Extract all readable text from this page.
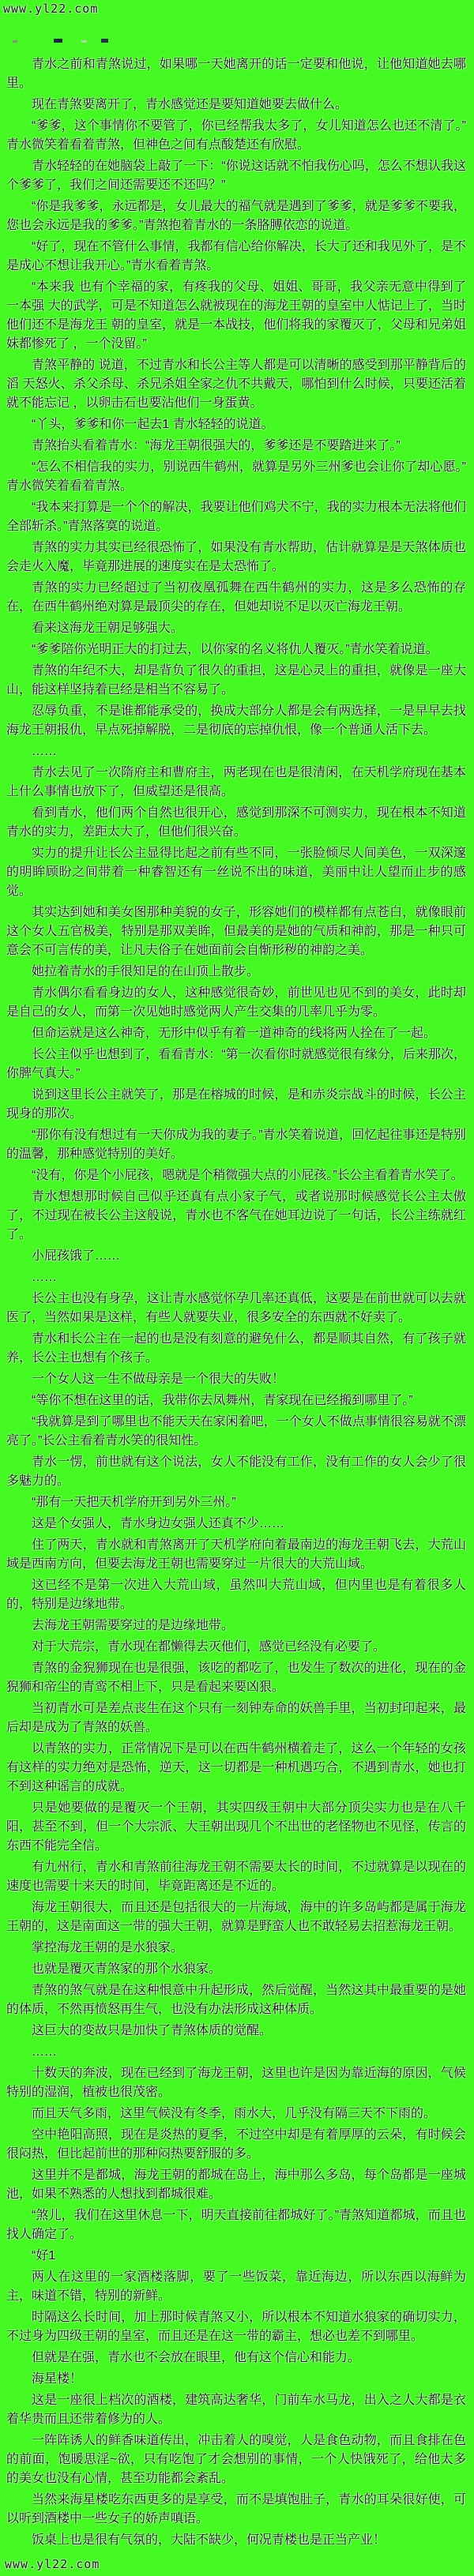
www.yl22.com

青水之前和青煞说过，如果哪一天她离开的话一定要和他说，让他知道她去哪里。

现在青煞要离开了，青水感觉还是要知道她要去做什么。

“爹爹，这个事情你不要管了，你已经帮我太多了，女儿知道怎么也还不清了。”青水微笑着看着青煞，但神色之间有点酸楚还有欣慰。

青水轻轻的在她脑袋上敲了一下：“你说这话就不怕我伤心吗，怎么不想认我这个爹爹了，我们之间还需要还不还吗？”

“你是我爹爹，永远都是，女儿最大的福气就是遇到了爹爹，就是爹爹不要我，您也会永远是我的爹爹。”青煞抱着青水的一条胳膊依恋的说道。

“好了，现在不管什么事情，我都有信心给你解决，长大了还和我见外了，是不是成心不想让我开心。”青水看着青煞。

“本来我 也有个幸福的家，有疼我的父母、姐姐、哥哥，我父亲无意中得到了一本强 大的武学，可是不知道怎么就被现在的海龙王朝的皇室中人惦记上了，当时他们还不是海龙王 朝的皇室，就是一本战技，他们将我的家覆灭了，父母和兄弟姐妹都惨死了 ，一个没留。”

青煞平静的 说道，不过青水和长公主等人都是可以清晰的感受到那平静背后的滔 天怒火、杀父杀母、杀兄杀姐全家之仇不共戴天，哪怕到什么时候，只要还活着就不能忘记 ，以卵击石也要沾他们一身蛋黄。

“丫头，爹爹和你一起去1 青水轻轻的说道。

青煞抬头看着青水：“海龙王朝很强大的，爹爹还是不要踏进来了。”

“怎么不相信我的实力，别说西牛鹤州，就算是另外三州爹也会让你了却心愿。”青水微笑着看着青煞。

“我本来打算是一个个的解决，我要让他们鸡犬不宁，我的实力根本无法将他们全部斩杀。”青煞落寞的说道。

青煞的实力其实已经很恐怖了，如果没有青水帮助，估计就算是是天煞体质也会走火入魔，毕竟那进展的速度实在是太恐怖了。

青煞的实力已经超过了当初夜凰孤舞在西牛鹤州的实力，这是多么恐怖的存在，在西牛鹤州绝对算是最顶尖的存在，但她却说不足以灭亡海龙王朝。

看来这海龙王朝足够强大。

“爹爹陪你光明正大的打过去，以你家的名义将仇人覆灭。”青水笑着说道。

青煞的年纪不大，却是背负了很久的重担，这是心灵上的重担，就像是一座大山，能这样坚持着已经是相当不容易了。

忍辱负重，不是谁都能承受的，换成大部分人都是会有两选择，一是早早去找海龙王朝报仇，早点死掉解脱，二是彻底的忘掉仇恨，像一个普通人活下去。

……

青水去见了一次隋府主和曹府主，两老现在也是很清闲，在天机学府现在基本上什么事情也放下了，但威望还是很高。

看到青水，他们两个自然也很开心，感觉到那深不可测实力，现在根本不知道青水的实力，差距太大了，但他们很兴奋。

实力的提升让长公主显得比起之前有些不同，一张脸倾尽人间美色，一双深邃的明眸顾盼之间带着一种睿智还有一丝说不出的味道，美丽中让人望而止步的感觉。

其实达到她和美女图那种美貌的女子，形容她们的模样都有点苍白，就像眼前这个女人五官极美，特别是那双美眸，但最美的是她的气质和神韵，那是一种只可意会不可言传的美，让凡夫俗子在她面前会自惭形秽的神韵之美。

她拉着青水的手很知足的在山顶上散步。

青水偶尔看看身边的女人，这种感觉很奇妙，前世见也见不到的美女，此时却是自己的女人，而第一次见她时感觉两人产生交集的几率几乎为零。

但命运就是这么神奇，无形中似乎有着一道神奇的线将两人拴在了一起。

长公主似乎也想到了，看看青水：“第一次看你时就感觉很有缘分，后来那次，你脾气真大。”

说到这里长公主就笑了，那是在榕城的时候，是和赤炎宗战斗的时候，长公主现身的那次。

“那你有没有想过有一天你成为我的妻子。”青水笑着说道，回忆起往事还是特别的温馨，那种感觉特别的美好。

“没有，你是个小屁孩，嗯就是个稍微强大点的小屁孩。”长公主看着青水笑了。

青水想想那时候自己似乎还真有点小家子气，或者说那时候感觉长公主太傲了，不过现在被长公主这般说，青水也不客气在她耳边说了一句话，长公主练就红了。

小屁孩饿了……

……

长公主也没有身孕，这让青水感觉怀孕几率还真低，这要是在前世就可以去就医了，当然如果是这样，有些人就要失业，很多安全的东西就不好卖了。

青水和长公主在一起的也是没有刻意的避免什么，都是顺其自然，有了孩子就养，长公主也想有个孩子。

一个女人这一生不做母亲是一个很大的失败！

“等你不想在这里的话，我带你去凤舞州，青家现在已经搬到哪里了。”

“我就算是到了哪里也不能天天在家闲着吧，一个女人不做点事情很容易就不漂亮了。”长公主看着青水笑的很知性。

青水一愣，前世就有这个说法，女人不能没有工作，没有工作的女人会少了很多魅力的。

“那有一天把天机学府开到另外三州。”

这是个女强人，青水身边女强人还真不少……

住了两天，青水就和青煞离开了天机学府向着最南边的海龙王朝飞去，大荒山域是西南方向，但要去海龙王朝也需要穿过一片很大的大荒山域。

这已经不是第一次进入大荒山域，虽然叫大荒山域，但内里也是有着很多人的，特别是边缘地带。

去海龙王朝需要穿过的是边缘地带。

对于大荒宗，青水现在都懒得去灭他们，感觉已经没有必要了。

青煞的金猊狮现在也是很强，该吃的都吃了，也发生了数次的进化，现在的金猊狮和帝尘的青鸾不相上下，只是看起来要凶狠。

当初青水可是差点丧生在这个只有一刻钟寿命的妖兽手里，当初封印起来，最后却是成为了青煞的妖兽。

以青煞的实力，正常情况下是可以在西牛鹤州横着走了，这么一个年轻的女孩有这样的实力绝对是恐怖，逆天，这一切都是一种机遇巧合，不遇到青水，她也打不到这种谣言的成就。

只是她要做的是覆灭一个王朝，其实四级王朝中大部分顶尖实力也是在八千阳，甚至不到，但一个大宗派、大王朝出现几个不出世的老怪物也不见怪，传言的东西不能完全信。

有九州行，青水和青煞前往海龙王朝不需要太长的时间，不过就算是以现在的速度也需要十来天的时间，毕竟距离还是不近的。

海龙王朝很大，而且还是包括很大的一片海域，海中的许多岛屿都是属于海龙王朝的，这是南面这一带的强大王朝，就算是野蛮人也不敢轻易去招惹海龙王朝。

掌控海龙王朝的是水狼家。

也就是覆灭青煞家的那个水狼家。

青煞的煞气就是在这种恨意中升起形成，然后觉醒，当然这其中最重要的是她的体质，不然再愤怒再生气，也没有办法形成这种体质。

这巨大的变故只是加快了青煞体质的觉醒。

……

十数天的奔波，现在已经到了海龙王朝，这里也许是因为靠近海的原因，气候特别的湿润，植被也很茂密。

而且天气多雨，这里气候没有冬季，雨水大，几乎没有隔三天不下雨的。

空中艳阳高照，现在是炎热的夏季，不过空中却是有着厚厚的云朵，有时候会很闷热，但比起前世的那种闷热要舒服的多。

这里并不是都城，海龙王朝的都城在岛上，海中那么多岛，每个岛都是一座城池，如果不熟悉的人想找到都城很难。

“煞儿，我们在这里休息一下，明天直接前往都城好了。”青煞知道都城，而且也找人确定了。

“好1

两人在这里的一家酒楼落脚，要了一些饭菜，靠近海边，所以东西以海鲜为主，味道不错，特别的新鲜。

时隔这么长时间，加上那时候青煞又小，所以根本不知道水狼家的确切实力，不过身为四级王朝的皇室，而且还是在这一带的霸主，想必也差不到哪里。

但就是在强，青水也不会放在眼里，他有这个信心和能力。

海星楼！

这是一座很上档次的酒楼，建筑高达奢华，门前车水马龙，出入之人大都是衣着华贵而且还带着修为的人。

一阵阵诱人的鲜香味道传出，冲击着人的嗅觉，人是食色动物，而且食排在色的前面，饱暖思淫~欲，只有吃饱了才会想别的事情，一个人快饿死了，给他太多的美女也没有心情，甚至功能都会紊乱。

当然来海星楼吃东西更多的是享受，而不是填饱肚子，青水的耳朵很好使，可以听到酒楼中一些女子的娇声嗔语。

饭桌上也是很有气氛的，大陆不缺少，何况青楼也是正当产业！

www.yl22.com
